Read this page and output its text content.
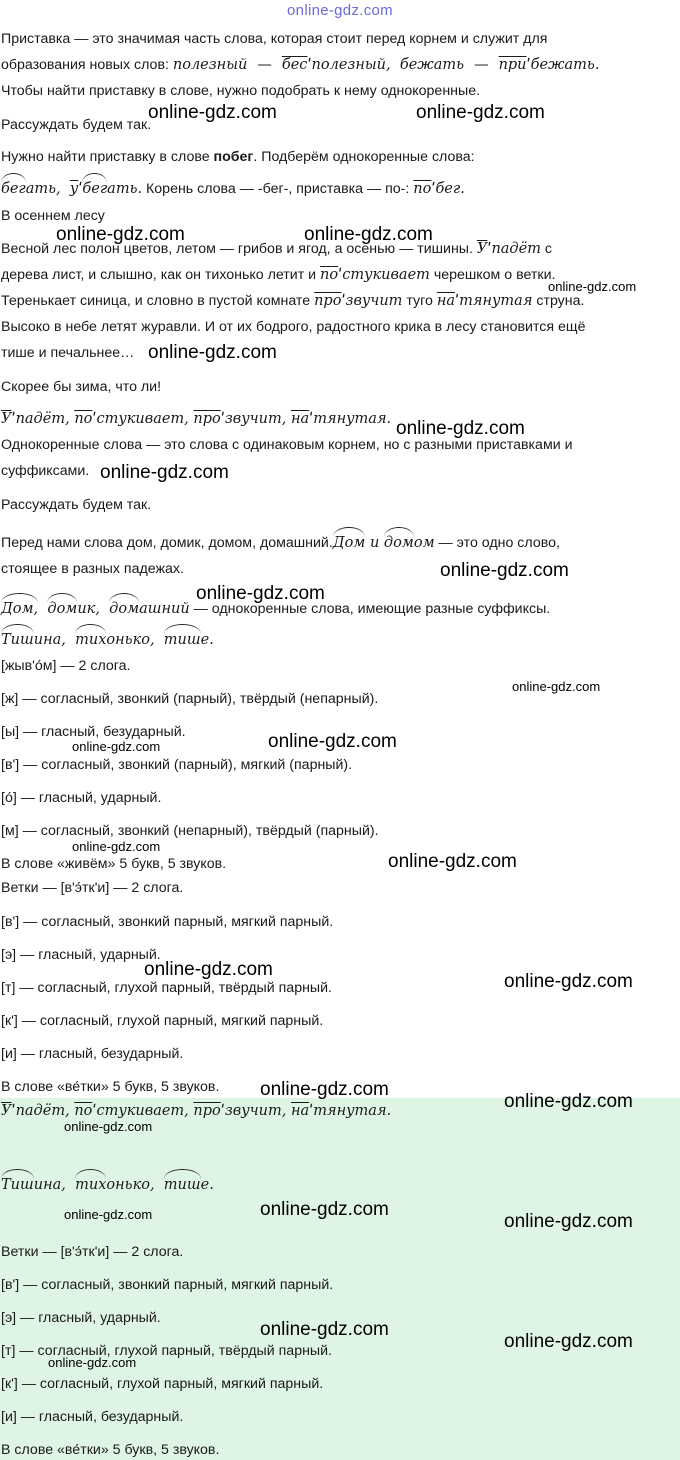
online-gdz.com
Приставка — это значимая часть слова, которая стоит перед корнем и служит для
образования новых слов: полезный — бесˈполезный, бежать — приˈбежать.
Чтобы найти приставку в слове, нужно подобрать к нему однокоренные.
Рассуждать будем так.
Нужно найти приставку в слове побег. Подберём однокоренные слова:
бегать, уˈбегать. Корень слова — -бег-, приставка — по-: поˈбег.
В осеннем лесу
Весной лес полон цветов, летом — грибов и ягод, а осенью — тишины. Уˈпадёт с
дерева лист, и слышно, как он тихонько летит и поˈстукивает черешком о ветки.
Теренькает синица, и словно в пустой комнате проˈзвучит туго наˈтянутая струна.
Высоко в небе летят журавли. И от их бодрого, радостного крика в лесу становится ещё
тише и печальнее…
Скорее бы зима, что ли!
Уˈпадёт, поˈстукивает, проˈзвучит, наˈтянутая.
Однокоренные слова — это слова с одинаковым корнем, но с разными приставками и
суффиксами.
Рассуждать будем так.
Перед нами слова дом, домик, домом, домашний.Дом и домом — это одно слово,
стоящее в разных падежах.
Дом, домик, домашний — однокоренные слова, имеющие разные суффиксы.
Тишина, тихонько, тише.
[жыв'о́м] — 2 слога.
[ж] — согласный, звонкий (парный), твёрдый (непарный).
[ы] — гласный, безударный.
[в'] — согласный, звонкий (парный), мягкий (парный).
[о́] — гласный, ударный.
[м] — согласный, звонкий (непарный), твёрдый (парный).
В слове «живём» 5 букв, 5 звуков.
Ветки — [в'э́тк'и] — 2 слога.
[в'] — согласный, звонкий парный, мягкий парный.
[э] — гласный, ударный.
[т] — согласный, глухой парный, твёрдый парный.
[к'] — согласный, глухой парный, мягкий парный.
[и] — гласный, безударный.
В слове «ве́тки» 5 букв, 5 звуков.
Уˈпадёт, поˈстукивает, проˈзвучит, наˈтянутая.
Тишина, тихонько, тише.
Ветки — [в'э́тк'и] — 2 слога.
[в'] — согласный, звонкий парный, мягкий парный.
[э] — гласный, ударный.
[т] — согласный, глухой парный, твёрдый парный.
[к'] — согласный, глухой парный, мягкий парный.
[и] — гласный, безударный.
В слове «ве́тки» 5 букв, 5 звуков.
online-gdz.com	online-gdz.com
online-gdz.com	online-gdz.com
online-gdz.com
online-gdz.com
online-gdz.com
online-gdz.com
online-gdz.com
online-gdz.com
online-gdz.com
online-gdz.com	online-gdz.com
online-gdz.com
online-gdz.com
online-gdz.com
online-gdz.com
online-gdz.com
online-gdz.com
online-gdz.com
online-gdz.com
online-gdz.com	online-gdz.com
online-gdz.com
online-gdz.com
online-gdz.com
